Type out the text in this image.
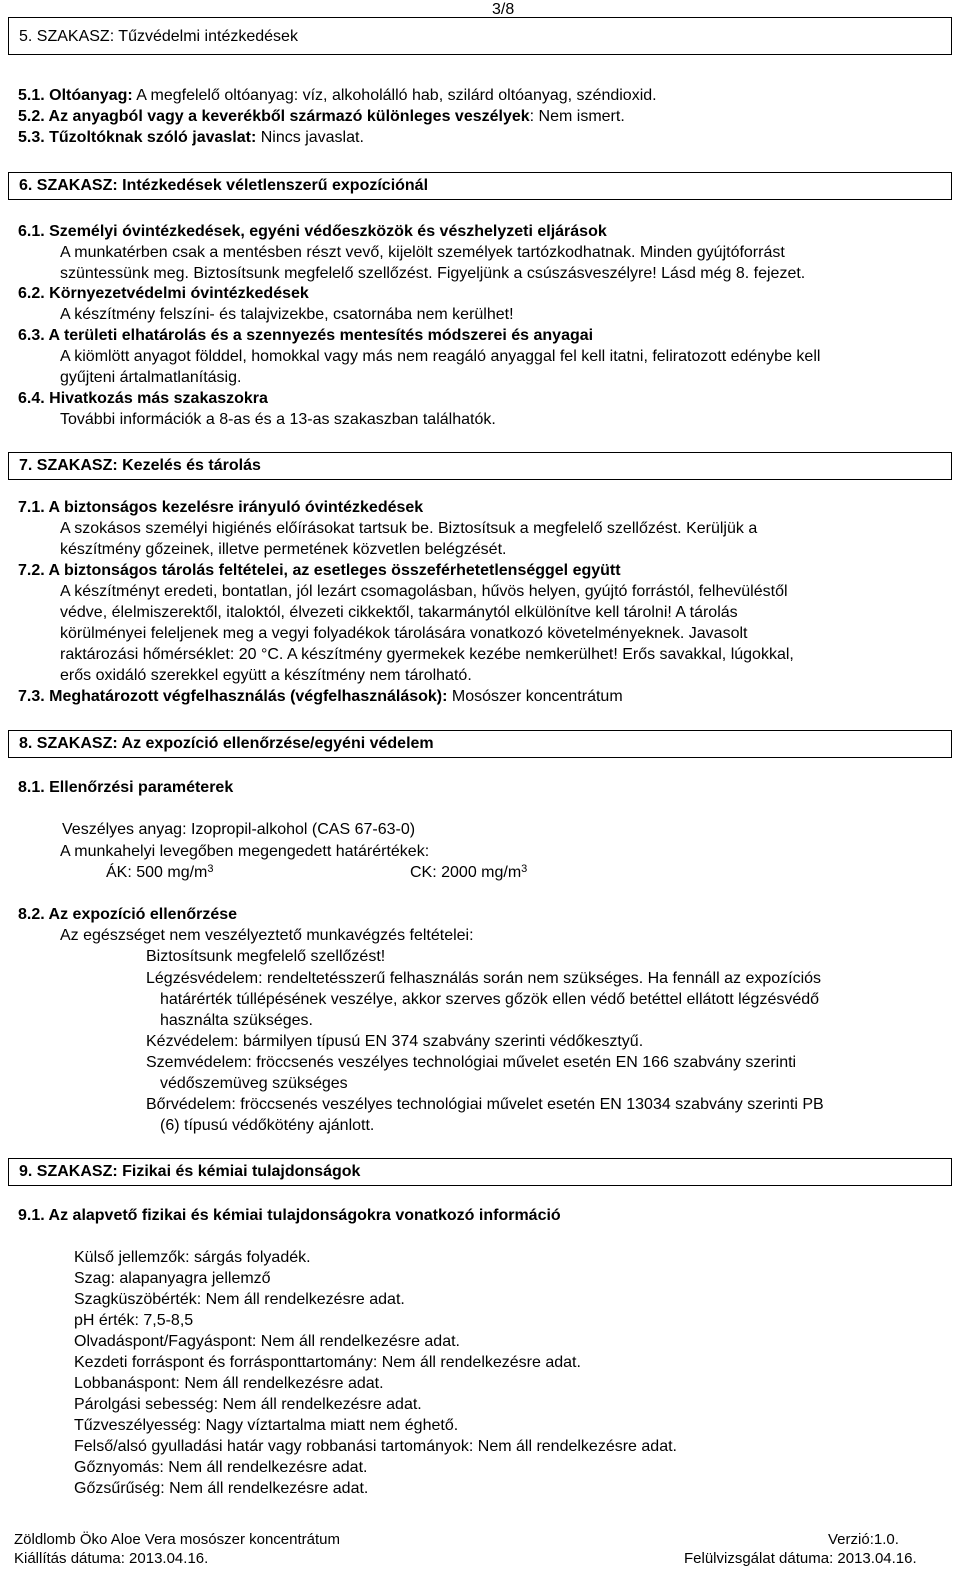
3/8
5. SZAKASZ: Tűzvédelmi intézkedések
5.1. Oltóanyag: A megfelelő oltóanyag: víz, alkoholálló hab, szilárd oltóanyag, széndioxid.
5.2. Az anyagból vagy a keverékből származó különleges veszélyek: Nem ismert.
5.3. Tűzoltóknak szóló javaslat: Nincs javaslat.
6. SZAKASZ: Intézkedések véletlenszerű expozíciónál
6.1. Személyi óvintézkedések, egyéni védőeszközök és vészhelyzeti eljárások
A munkatérben csak a mentésben részt vevő, kijelölt személyek tartózkodhatnak. Minden gyújtóforrást
szüntessünk meg. Biztosítsunk megfelelő szellőzést. Figyeljünk a csúszásveszélyre! Lásd még 8. fejezet.
6.2. Környezetvédelmi óvintézkedések
A készítmény felszíni- és talajvizekbe, csatornába nem kerülhet!
6.3. A területi elhatárolás és a szennyezés mentesítés módszerei és anyagai
A kiömlött anyagot földdel, homokkal vagy más nem reagáló anyaggal fel kell itatni, feliratozott edénybe kell
gyűjteni ártalmatlanításig.
6.4. Hivatkozás más szakaszokra
További információk a 8-as és a 13-as szakaszban találhatók.
7. SZAKASZ: Kezelés és tárolás
7.1. A biztonságos kezelésre irányuló óvintézkedések
A szokásos személyi higiénés előírásokat tartsuk be. Biztosítsuk a megfelelő szellőzést. Kerüljük a
készítmény gőzeinek, illetve permetének közvetlen belégzését.
7.2. A biztonságos tárolás feltételei, az esetleges összeférhetetlenséggel együtt
A készítményt eredeti, bontatlan, jól lezárt csomagolásban, hűvös helyen, gyújtó forrástól, felhevüléstől
védve, élelmiszerektől, italoktól, élvezeti cikkektől, takarmánytól elkülönítve kell tárolni! A tárolás
körülményei feleljenek meg a vegyi folyadékok tárolására vonatkozó követelményeknek. Javasolt
raktározási hőmérséklet: 20 °C. A készítmény gyermekek kezébe nemkerülhet! Erős savakkal, lúgokkal,
erős oxidáló szerekkel együtt a készítmény nem tárolható.
7.3. Meghatározott végfelhasználás (végfelhasználások): Mosószer koncentrátum
8. SZAKASZ: Az expozíció ellenőrzése/egyéni védelem
8.1. Ellenőrzési paraméterek
Veszélyes anyag: Izopropil-alkohol (CAS 67-63-0)
A munkahelyi levegőben megengedett határértékek:
ÁK: 500 $mg/m^3$	CK: 2000 $mg/m^3$
8.2. Az expozíció ellenőrzése
Az egészséget nem veszélyeztető munkavégzés feltételei:
Biztosítsunk megfelelő szellőzést!
Légzésvédelem: rendeltetésszerű felhasználás során nem szükséges. Ha fennáll az expozíciós
határérték túllépésének veszélye, akkor szerves gőzök ellen védő betéttel ellátott légzésvédő
használta szükséges.
Kézvédelem: bármilyen típusú EN 374 szabvány szerinti védőkesztyű.
Szemvédelem: fröccsenés veszélyes technológiai művelet esetén EN 166 szabvány szerinti
védőszemüveg szükséges
Bőrvédelem: fröccsenés veszélyes technológiai művelet esetén EN 13034 szabvány szerinti PB
(6) típusú védőkötény ajánlott.
9. SZAKASZ: Fizikai és kémiai tulajdonságok
9.1. Az alapvető fizikai és kémiai tulajdonságokra vonatkozó információ
Külső jellemzők: sárgás folyadék.
Szag: alapanyagra jellemző
Szagküszöbérték: Nem áll rendelkezésre adat.
pH érték: 7,5-8,5
Olvadáspont/Fagyáspont: Nem áll rendelkezésre adat.
Kezdeti forráspont és forrásponttartomány: Nem áll rendelkezésre adat.
Lobbanáspont: Nem áll rendelkezésre adat.
Párolgási sebesség: Nem áll rendelkezésre adat.
Tűzveszélyesség: Nagy víztartalma miatt nem éghető.
Felső/alsó gyulladási határ vagy robbanási tartományok: Nem áll rendelkezésre adat.
Gőznyomás: Nem áll rendelkezésre adat.
Gőzsűrűség: Nem áll rendelkezésre adat.
Zöldlomb Öko Aloe Vera mosószer koncentrátum	Verzió:1.0.
Kiállítás dátuma: 2013.04.16.	Felülvizsgálat dátuma: 2013.04.16.
